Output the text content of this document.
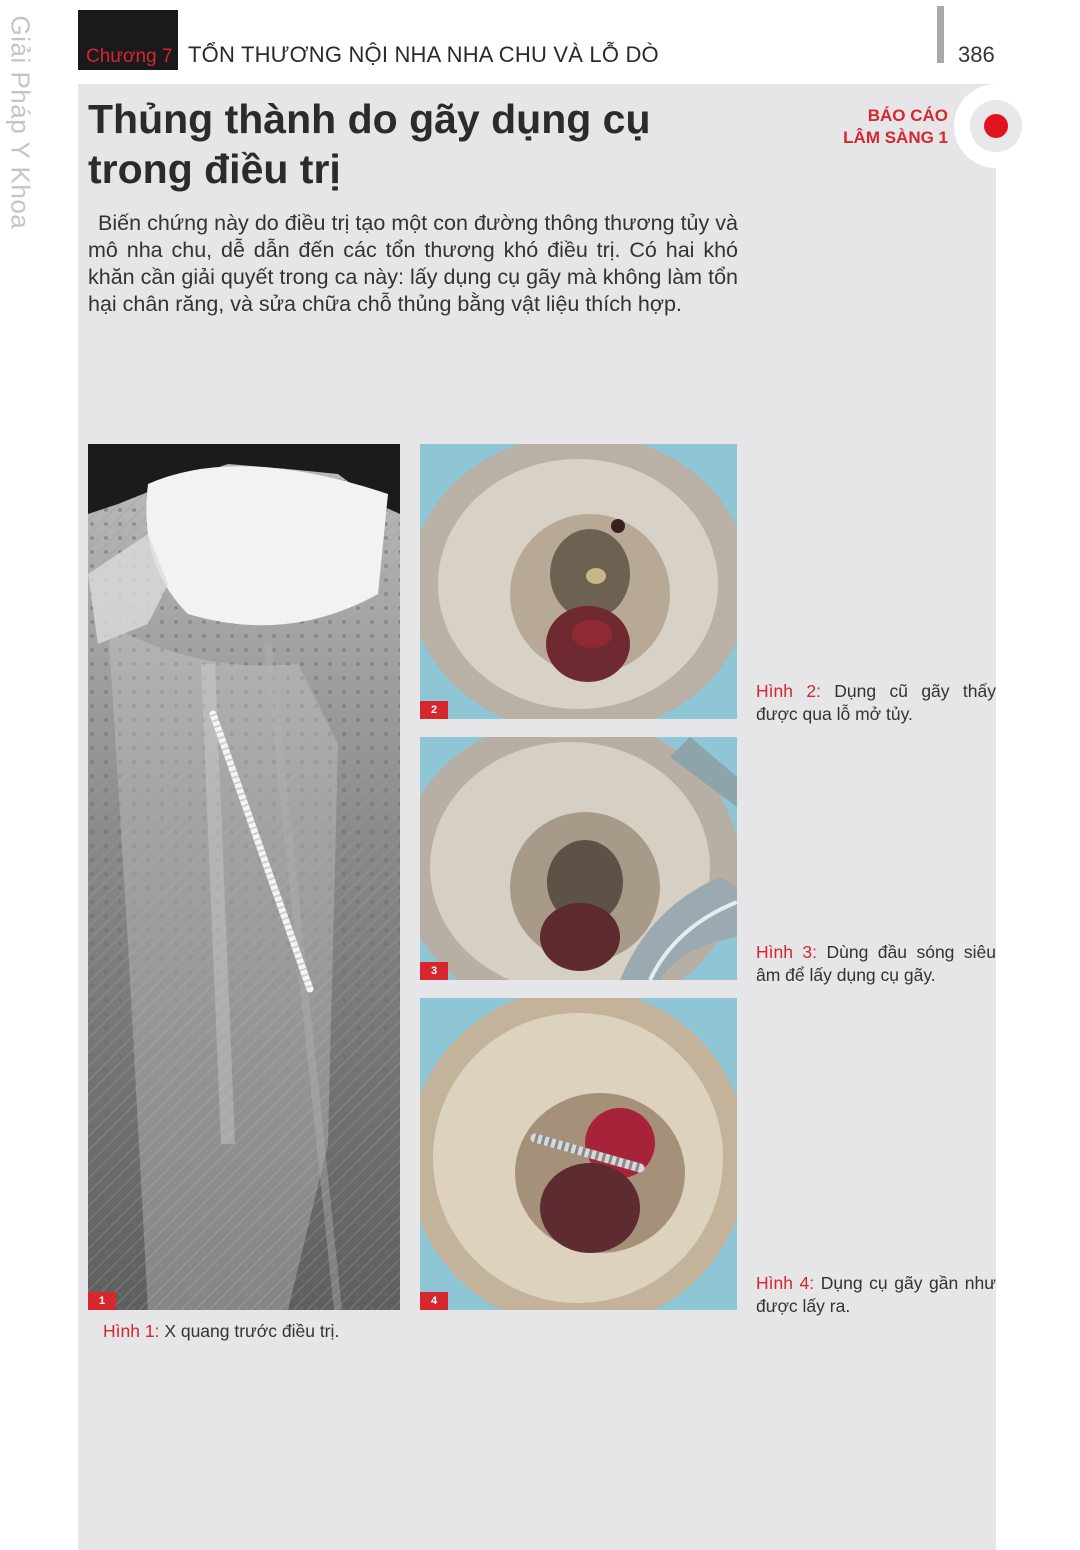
Giải Pháp Y Khoa	Chương 7 TỔN THƯƠNG NỘI NHA NHA CHU VÀ LỖ DÒ	386
Thủng thành do gãy dụng cụ
trong điều trị
BÁO CÁO
LÂM SÀNG 1

Biến chứng này do điều trị tạo một con đường thông thương tủy và mô nha chu, dễ dẫn đến các tổn thương khó điều trị. Có hai khó khăn cần giải quyết trong ca này: lấy dụng cụ gãy mà không làm tổn hại chân răng, và sửa chữa chỗ thủng bằng vật liệu thích hợp.

1
Hình 1: X quang trước điều trị.
2
Hình 2: Dụng cũ gãy thấy được qua lỗ mở tủy.
3
Hình 3: Dùng đầu sóng siêu âm để lấy dụng cụ gãy.
4
Hình 4: Dụng cụ gãy gần như được lấy ra.
